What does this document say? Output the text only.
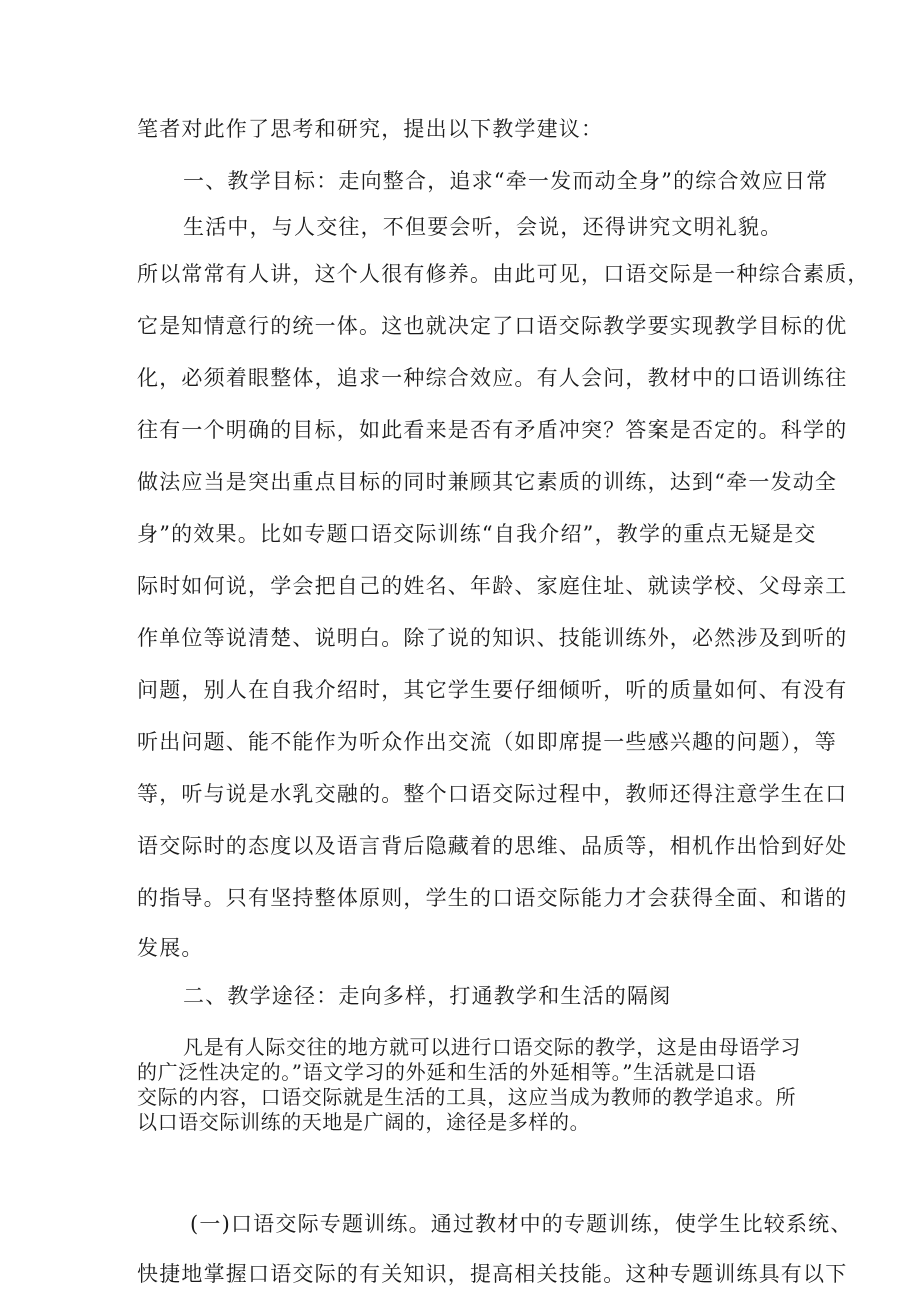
笔者对此作了思考和研究，提出以下教学建议：

一、教学目标：走向整合，追求“牵一发而动全身”的综合效应日常

生活中，与人交往，不但要会听，会说，还得讲究文明礼貌。

所以常常有人讲，这个人很有修养。由此可见，口语交际是一种综合素质，

它是知情意行的统一体。这也就决定了口语交际教学要实现教学目标的优

化，必须着眼整体，追求一种综合效应。有人会问，教材中的口语训练往

往有一个明确的目标，如此看来是否有矛盾冲突？答案是否定的。科学的

做法应当是突出重点目标的同时兼顾其它素质的训练，达到“牵一发动全

身”的效果。比如专题口语交际训练“自我介绍”，教学的重点无疑是交

际时如何说，学会把自己的姓名、年龄、家庭住址、就读学校、父母亲工

作单位等说清楚、说明白。除了说的知识、技能训练外，必然涉及到听的

问题，别人在自我介绍时，其它学生要仔细倾听，听的质量如何、有没有

听出问题、能不能作为听众作出交流（如即席提一些感兴趣的问题），等

等，听与说是水乳交融的。整个口语交际过程中，教师还得注意学生在口

语交际时的态度以及语言背后隐藏着的思维、品质等，相机作出恰到好处

的指导。只有坚持整体原则，学生的口语交际能力才会获得全面、和谐的

发展。

二、教学途径：走向多样，打通教学和生活的隔阂

凡是有人际交往的地方就可以进行口语交际的教学，这是由母语学习
的广泛性决定的。”语文学习的外延和生活的外延相等。”生活就是口语
交际的内容，口语交际就是生活的工具，这应当成为教师的教学追求。所
以口语交际训练的天地是广阔的，途径是多样的。

(一)口语交际专题训练。通过教材中的专题训练，使学生比较系统、

快捷地掌握口语交际的有关知识，提高相关技能。这种专题训练具有以下
